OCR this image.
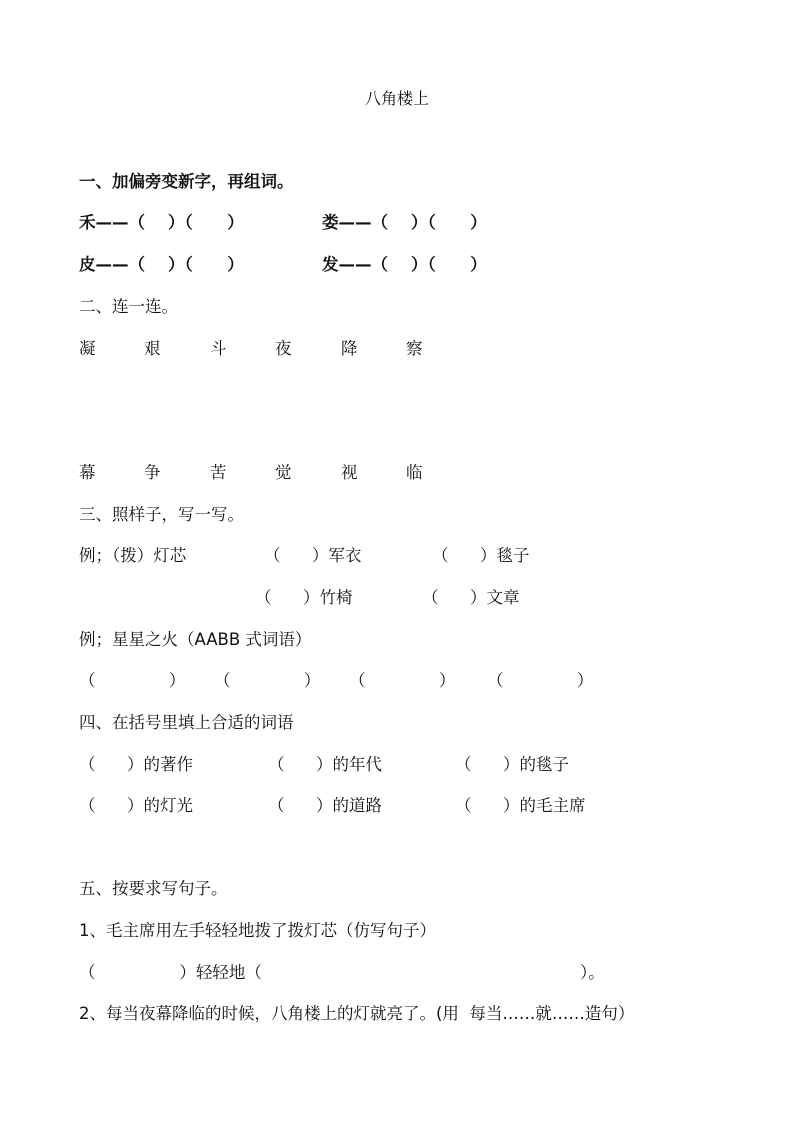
八角楼上
一、加偏旁变新字，再组词。
禾——（    ）（      ）	娄——（    ）（      ）
皮——（    ）（      ）	发——（    ）（      ）
二、连一连。
凝	艰	斗	夜	降	察
幕	争	苦	觉	视	临
三、照样子，写一写。
例；（拨）灯芯	（      ）军衣	（      ）毯子
（      ）竹椅	（      ）文章
例；星星之火（AABB 式词语）
（              ） （              ） （              ） （              ）
四、在括号里填上合适的词语
（      ）的著作	（      ）的年代	（      ）的毯子
（      ）的灯光	（      ）的道路	（      ）的毛主席
五、按要求写句子。
1、毛主席用左手轻轻地拨了拨灯芯（仿写句子）
（                ）轻轻地（	）。
2、每当夜幕降临的时候，八角楼上的灯就亮了。(用  每当……就……造句）
